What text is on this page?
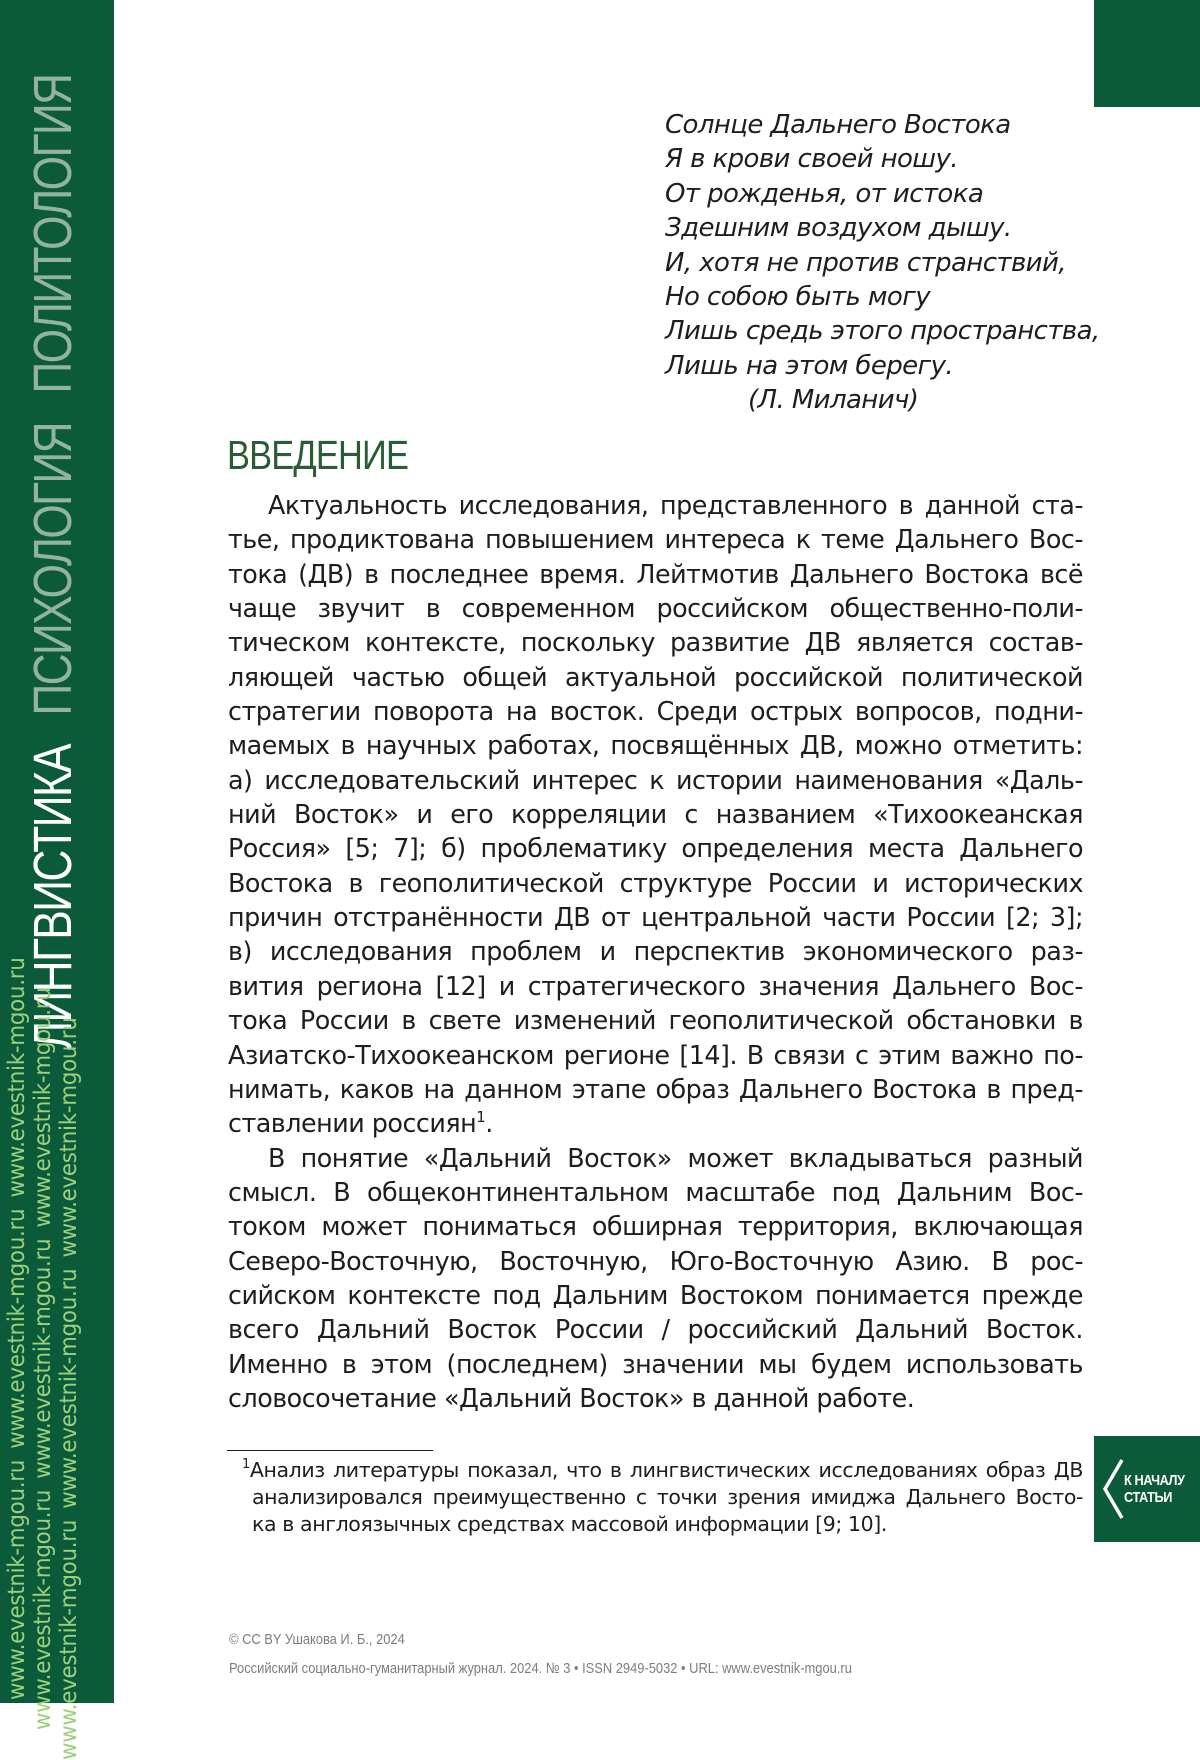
ЛИНГВИСТИКАПСИХОЛОГИЯПОЛИТОЛОГИЯ
www.evestnik-mgou.ruwww.evestnik-mgou.ruwww.evestnik-mgou.ru
www.evestnik-mgou.ruwww.evestnik-mgou.ruwww.evestnik-mgou.ru
www.evestnik-mgou.ruwww.evestnik-mgou.ruwww.evestnik-mgou.ru
К НАЧАЛУ
СТАТЬИ
Солнце Дальнего Востока
Я в крови своей ношу.
От рожденья, от истока
Здешним воздухом дышу.
И, хотя не против странствий,
Но собою быть могу
Лишь средь этого пространства,
Лишь на этом берегу.
(Л. Миланич)
ВВЕДЕНИЕ
Актуальность исследования, представленного в данной ста-
тье, продиктована повышением интереса к теме Дальнего Вос-
тока (ДВ) в последнее время. Лейтмотив Дальнего Востока всё
чаще звучит в современном российском общественно-поли-
тическом контексте, поскольку развитие ДВ является состав-
ляющей частью общей актуальной российской политической
стратегии поворота на восток. Среди острых вопросов, подни-
маемых в научных работах, посвящённых ДВ, можно отметить:
а) исследовательский интерес к истории наименования «Даль-
ний Восток» и его корреляции с названием «Тихоокеанская
Россия» [5; 7]; б) проблематику определения места Дальнего
Востока в геополитической структуре России и исторических
причин отстранённости ДВ от центральной части России [2; 3];
в) исследования проблем и перспектив экономического раз-
вития региона [12] и стратегического значения Дальнего Вос-
тока России в свете изменений геополитической обстановки в
Азиатско-Тихоокеанском регионе [14]. В связи с этим важно по-
нимать, каков на данном этапе образ Дальнего Востока в пред-
ставлении россиян$^1$.
В понятие «Дальний Восток» может вкладываться разный
смысл. В общеконтинентальном масштабе под Дальним Вос-
током может пониматься обширная территория, включающая
Северо-Восточную, Восточную, Юго-Восточную Азию. В рос-
сийском контексте под Дальним Востоком понимается прежде
всего Дальний Восток России / российский Дальний Восток.
Именно в этом (последнем) значении мы будем использовать
словосочетание «Дальний Восток» в данной работе.
$^1$Анализ литературы показал, что в лингвистических исследованиях образ ДВ
анализировался преимущественно с точки зрения имиджа Дальнего Восто-
ка в англоязычных средствах массовой информации [9; 10].
© CC BY Ушакова И. Б., 2024
Российский социально-гуманитарный журнал. 2024. № 3 • ISSN 2949-5032 • URL: www.evestnik-mgou.ru
